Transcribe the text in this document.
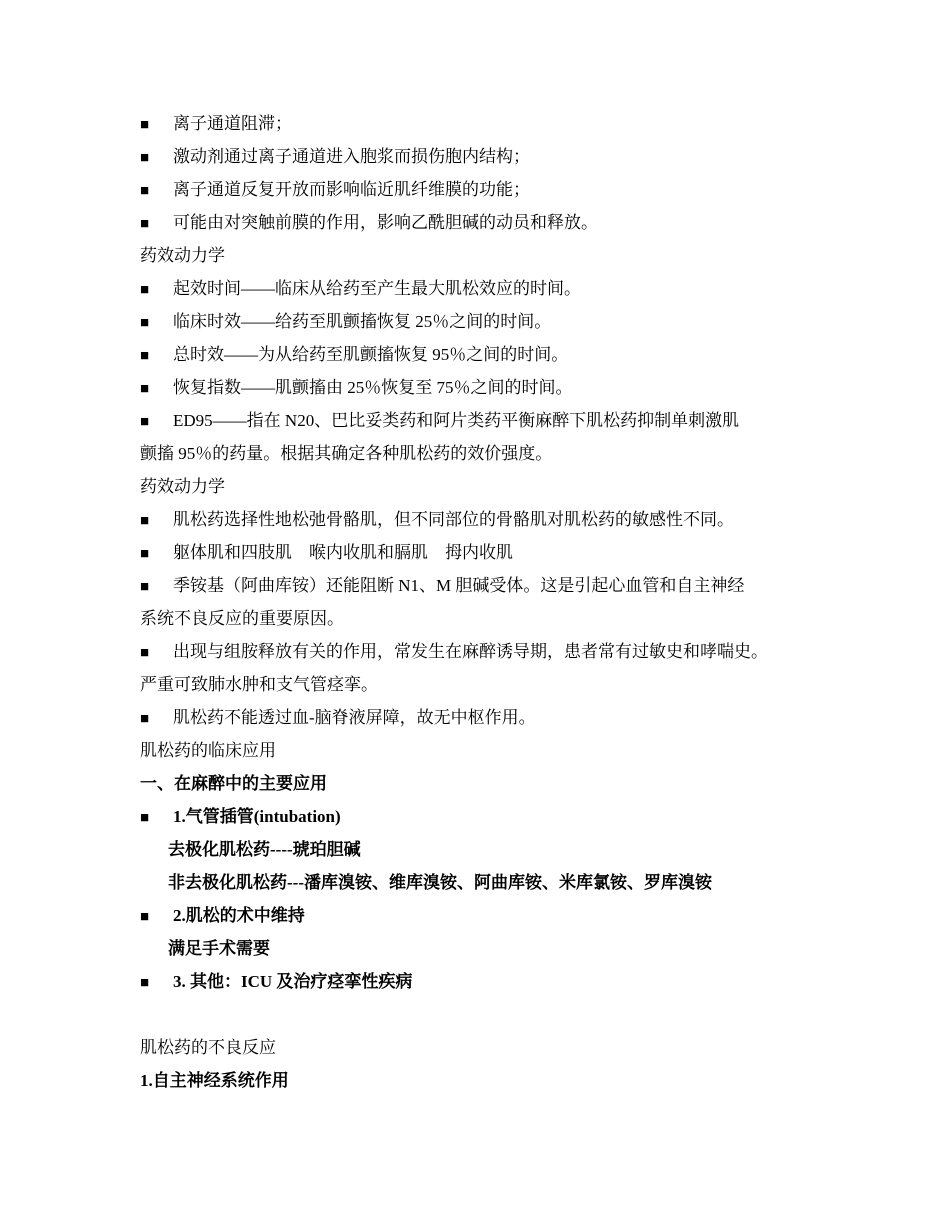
■ 离子通道阻滞；
■ 激动剂通过离子通道进入胞浆而损伤胞内结构；
■ 离子通道反复开放而影响临近肌纤维膜的功能；
■ 可能由对突触前膜的作用，影响乙酰胆碱的动员和释放。
药效动力学
■ 起效时间——临床从给药至产生最大肌松效应的时间。
■ 临床时效——给药至肌颤搐恢复 25％之间的时间。
■ 总时效——为从给药至肌颤搐恢复 95％之间的时间。
■ 恢复指数——肌颤搐由 25％恢复至 75％之间的时间。
■ ED95——指在 N20、巴比妥类药和阿片类药平衡麻醉下肌松药抑制单刺激肌
颤搐 95％的药量。根据其确定各种肌松药的效价强度。
药效动力学
■ 肌松药选择性地松弛骨骼肌，但不同部位的骨骼肌对肌松药的敏感性不同。
■ 躯体肌和四肢肌　喉内收肌和膈肌　拇内收肌
■ 季铵基（阿曲库铵）还能阻断 N1、M 胆碱受体。这是引起心血管和自主神经
系统不良反应的重要原因。
■ 出现与组胺释放有关的作用，常发生在麻醉诱导期，患者常有过敏史和哮喘史。
严重可致肺水肿和支气管痉挛。
■ 肌松药不能透过血-脑脊液屏障，故无中枢作用。
肌松药的临床应用
一、在麻醉中的主要应用
■ 1.气管插管(intubation)
去极化肌松药----琥珀胆碱
非去极化肌松药---潘库溴铵、维库溴铵、阿曲库铵、米库氯铵、罗库溴铵
■ 2.肌松的术中维持
满足手术需要
■ 3. 其他：ICU 及治疗痉挛性疾病
肌松药的不良反应
1.自主神经系统作用
